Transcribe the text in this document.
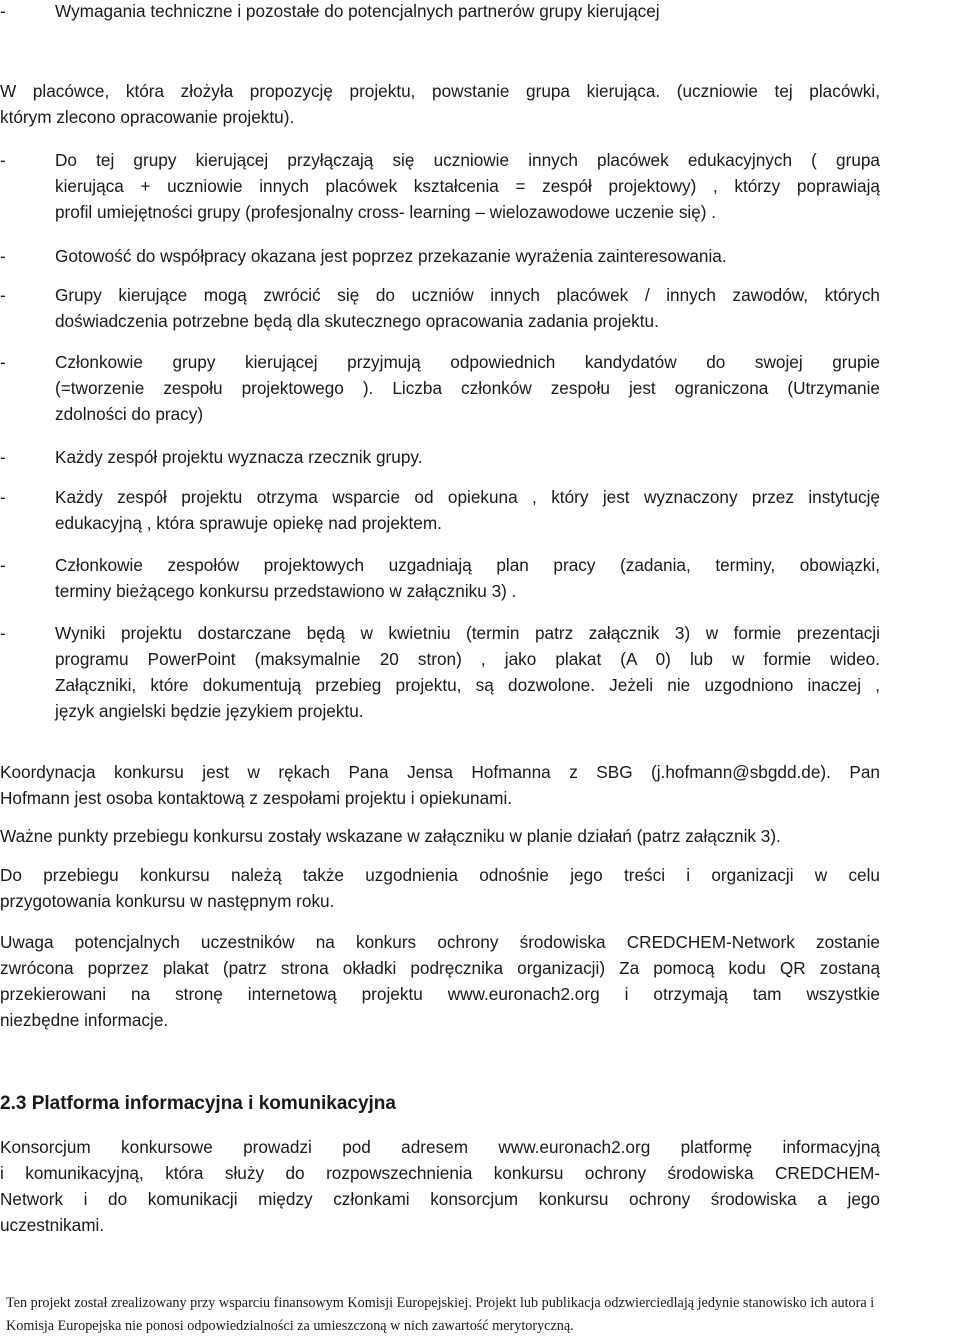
-	Wymagania techniczne i pozostałe do potencjalnych partnerów grupy kierującej

W placówce, która złożyła propozycję projektu, powstanie grupa kierująca. (uczniowie tej placówki,

którym zlecono opracowanie projektu).

-	Do tej grupy kierującej przyłączają się uczniowie innych placówek edukacyjnych ( grupa

kierująca + uczniowie innych placówek kształcenia = zespół projektowy) , którzy poprawiają

profil umiejętności grupy (profesjonalny cross- learning – wielozawodowe uczenie się) .

-	Gotowość do współpracy okazana jest poprzez przekazanie wyrażenia zainteresowania.

-	Grupy kierujące mogą zwrócić się do uczniów innych placówek / innych zawodów, których

doświadczenia potrzebne będą dla skutecznego opracowania zadania projektu.

-	Członkowie grupy kierującej przyjmują odpowiednich kandydatów do swojej grupie

(=tworzenie zespołu projektowego ). Liczba członków zespołu jest ograniczona (Utrzymanie

zdolności do pracy)

-	Każdy zespół projektu wyznacza rzecznik grupy.

-	Każdy zespół projektu otrzyma wsparcie od opiekuna , który jest wyznaczony przez instytucję

edukacyjną , która sprawuje opiekę nad projektem.

-	Członkowie zespołów projektowych uzgadniają plan pracy (zadania, terminy, obowiązki,

terminy bieżącego konkursu przedstawiono w załączniku 3) .

-	Wyniki projektu dostarczane będą w kwietniu (termin patrz załącznik 3) w formie prezentacji

programu PowerPoint (maksymalnie 20 stron) , jako plakat (A 0) lub w formie wideo.

Załączniki, które dokumentują przebieg projektu, są dozwolone. Jeżeli nie uzgodniono inaczej ,

język angielski będzie językiem projektu.

Koordynacja konkursu jest w rękach Pana Jensa Hofmanna z SBG (j.hofmann@sbgdd.de). Pan

Hofmann jest osoba kontaktową z zespołami projektu i opiekunami.

Ważne punkty przebiegu konkursu zostały wskazane w załączniku w planie działań (patrz załącznik 3).

Do przebiegu konkursu należą także uzgodnienia odnośnie jego treści i organizacji w celu

przygotowania konkursu w następnym roku.

Uwaga potencjalnych uczestników na konkurs ochrony środowiska CREDCHEM-Network zostanie

zwrócona poprzez plakat (patrz strona okładki podręcznika organizacji) Za pomocą kodu QR zostaną

przekierowani na stronę internetową projektu www.euronach2.org i otrzymają tam wszystkie

niezbędne informacje.

2.3 Platforma informacyjna i komunikacyjna

Konsorcjum konkursowe prowadzi pod adresem www.euronach2.org platformę informacyjną

i komunikacyjną, która służy do rozpowszechnienia konkursu ochrony środowiska CREDCHEM-

Network i do komunikacji między członkami konsorcjum konkursu ochrony środowiska a jego

uczestnikami.

Ten projekt został zrealizowany przy wsparciu finansowym Komisji Europejskiej. Projekt lub publikacja odzwierciedlają jedynie stanowisko ich autora i

Komisja Europejska nie ponosi odpowiedzialności za umieszczoną w nich zawartość merytoryczną.
